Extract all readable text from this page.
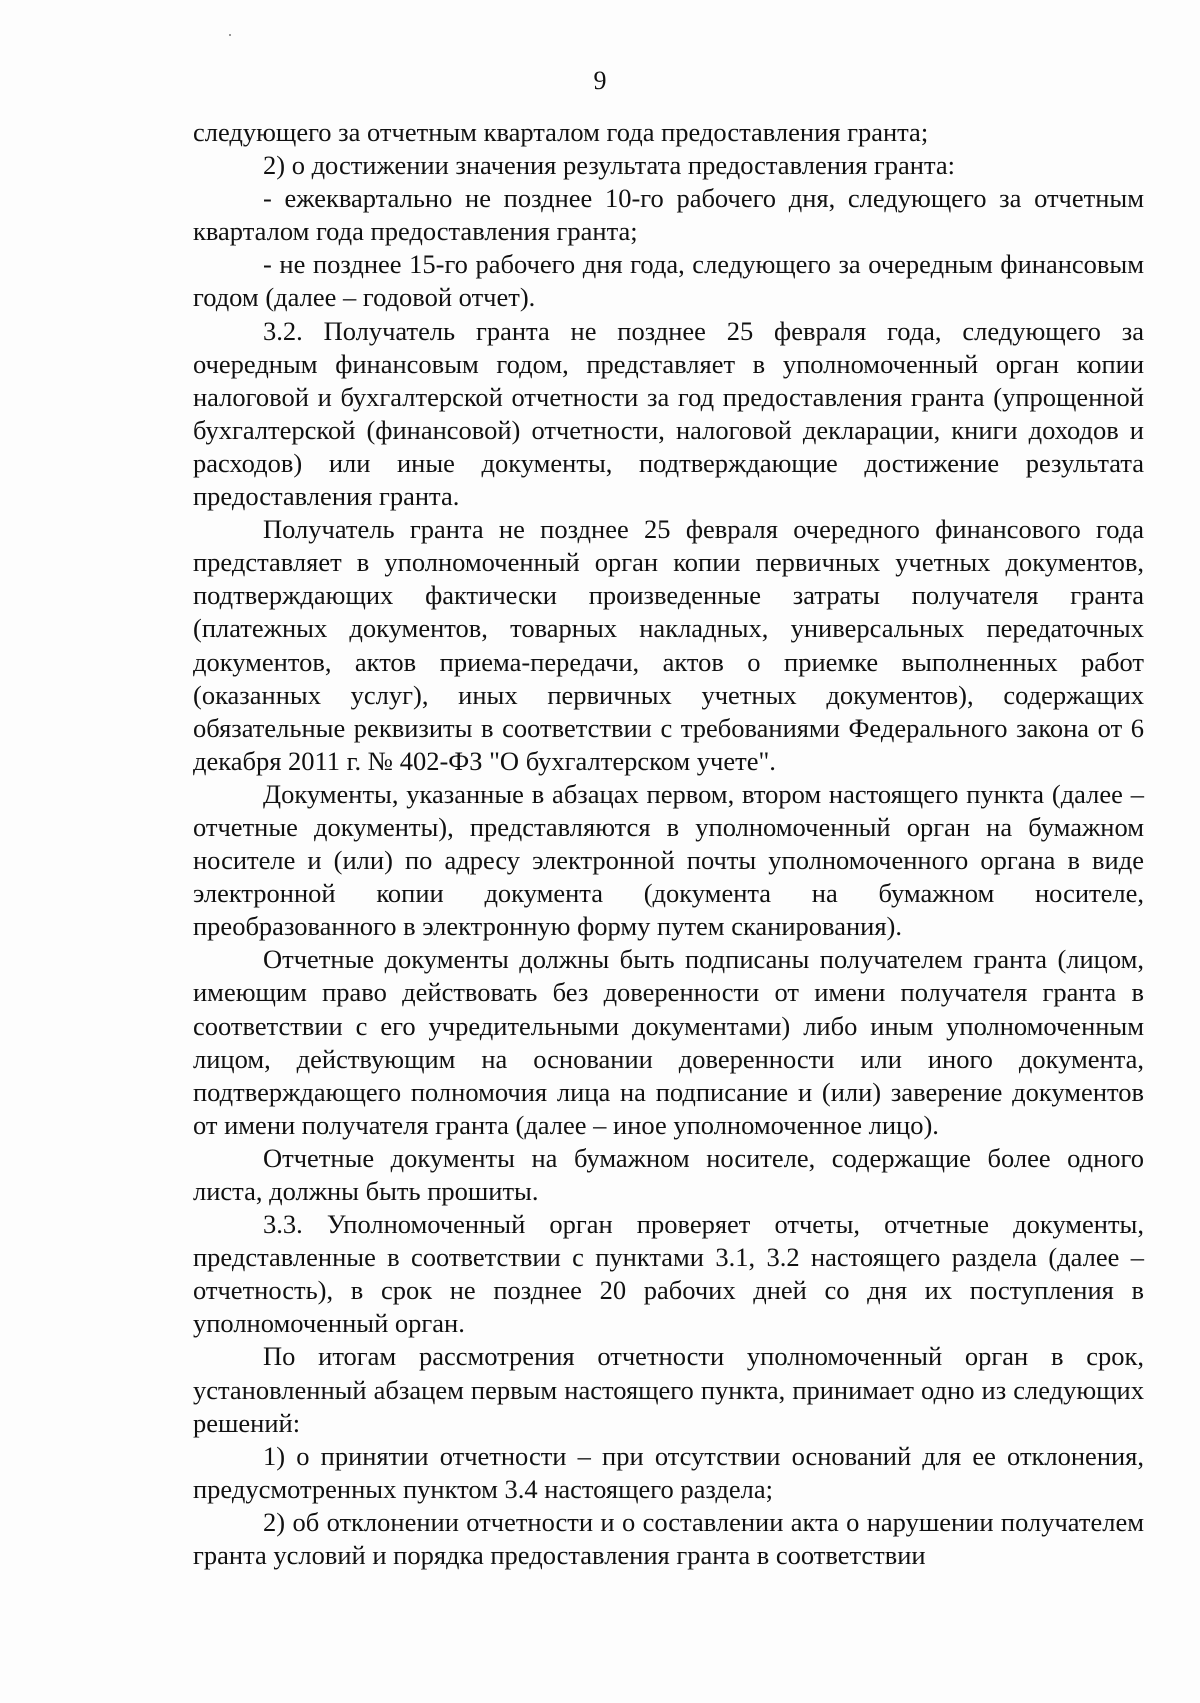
9

следующего за отчетным кварталом года предоставления гранта;

2) о достижении значения результата предоставления гранта:

- ежеквартально не позднее 10-го рабочего дня, следующего за отчетным кварталом года предоставления гранта;

- не позднее 15-го рабочего дня года, следующего за очередным финансовым годом (далее – годовой отчет).

3.2. Получатель гранта не позднее 25 февраля года, следующего за очередным финансовым годом, представляет в уполномоченный орган копии налоговой и бухгалтерской отчетности за год предоставления гранта (упрощенной бухгалтерской (финансовой) отчетности, налоговой декларации, книги доходов и расходов) или иные документы, подтверждающие достижение результата предоставления гранта.

Получатель гранта не позднее 25 февраля очередного финансового года представляет в уполномоченный орган копии первичных учетных документов, подтверждающих фактически произведенные затраты получателя гранта (платежных документов, товарных накладных, универсальных передаточных документов, актов приема-передачи, актов о приемке выполненных работ (оказанных услуг), иных первичных учетных документов), содержащих обязательные реквизиты в соответствии с требованиями Федерального закона от 6 декабря 2011 г. № 402-ФЗ "О бухгалтерском учете".

Документы, указанные в абзацах первом, втором настоящего пункта (далее – отчетные документы), представляются в уполномоченный орган на бумажном носителе и (или) по адресу электронной почты уполномоченного органа в виде электронной копии документа (документа на бумажном носителе, преобразованного в электронную форму путем сканирования).

Отчетные документы должны быть подписаны получателем гранта (лицом, имеющим право действовать без доверенности от имени получателя гранта в соответствии с его учредительными документами) либо иным уполномоченным лицом, действующим на основании доверенности или иного документа, подтверждающего полномочия лица на подписание и (или) заверение документов от имени получателя гранта (далее – иное уполномоченное лицо).

Отчетные документы на бумажном носителе, содержащие более одного листа, должны быть прошиты.

3.3. Уполномоченный орган проверяет отчеты, отчетные документы, представленные в соответствии с пунктами 3.1, 3.2 настоящего раздела (далее – отчетность), в срок не позднее 20 рабочих дней со дня их поступления в уполномоченный орган.

По итогам рассмотрения отчетности уполномоченный орган в срок, установленный абзацем первым настоящего пункта, принимает одно из следующих решений:

1) о принятии отчетности – при отсутствии оснований для ее отклонения, предусмотренных пунктом 3.4 настоящего раздела;

2) об отклонении отчетности и о составлении акта о нарушении получателем гранта условий и порядка предоставления гранта в соответствии
